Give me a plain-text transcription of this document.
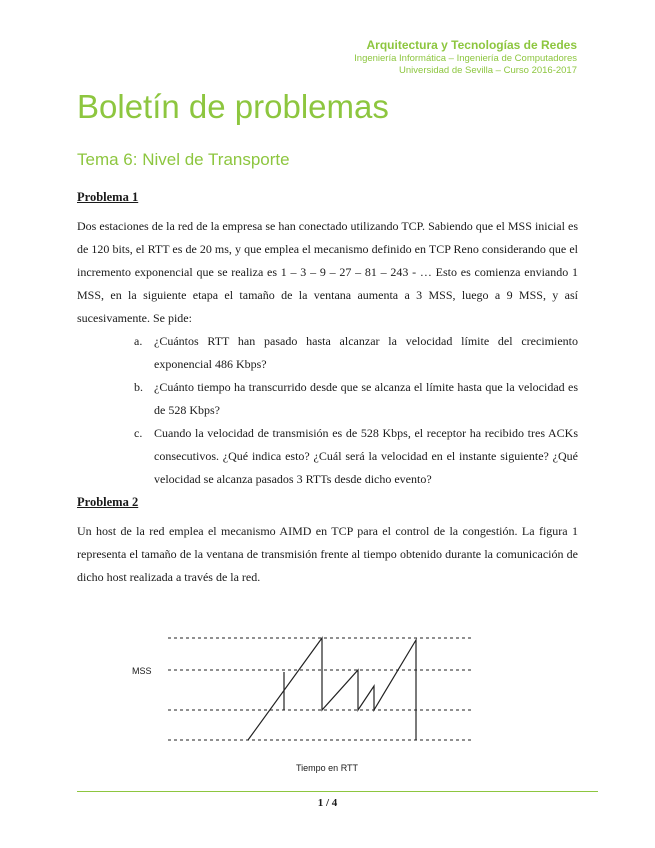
Arquitectura y Tecnologías de Redes
Ingeniería Informática – Ingeniería de Computadores
Universidad de Sevilla – Curso 2016-2017
Boletín de problemas
Tema 6: Nivel de Transporte

Problema 1

Dos estaciones de la red de la empresa se han conectado utilizando TCP. Sabiendo que el MSS inicial es de 120 bits, el RTT es de 20 ms, y que emplea el mecanismo definido en TCP Reno considerando que el incremento exponencial que se realiza es 1 – 3 – 9 – 27 – 81 – 243 - … Esto es comienza enviando 1 MSS, en la siguiente etapa el tamaño de la ventana aumenta a 3 MSS, luego a 9 MSS, y así sucesivamente. Se pide:

a. ¿Cuántos RTT han pasado hasta alcanzar la velocidad límite del crecimiento exponencial 486 Kbps?
b. ¿Cuánto tiempo ha transcurrido desde que se alcanza el límite hasta que la velocidad es de 528 Kbps?
c. Cuando la velocidad de transmisión es de 528 Kbps, el receptor ha recibido tres ACKs consecutivos. ¿Qué indica esto? ¿Cuál será la velocidad en el instante siguiente? ¿Qué velocidad se alcanza pasados 3 RTTs desde dicho evento?

Problema 2

Un host de la red emplea el mecanismo AIMD en TCP para el control de la congestión. La figura 1 representa el tamaño de la ventana de transmisión frente al tiempo obtenido durante la comunicación de dicho host realizada a través de la red.

MSS
Tiempo en RTT
1 / 4
